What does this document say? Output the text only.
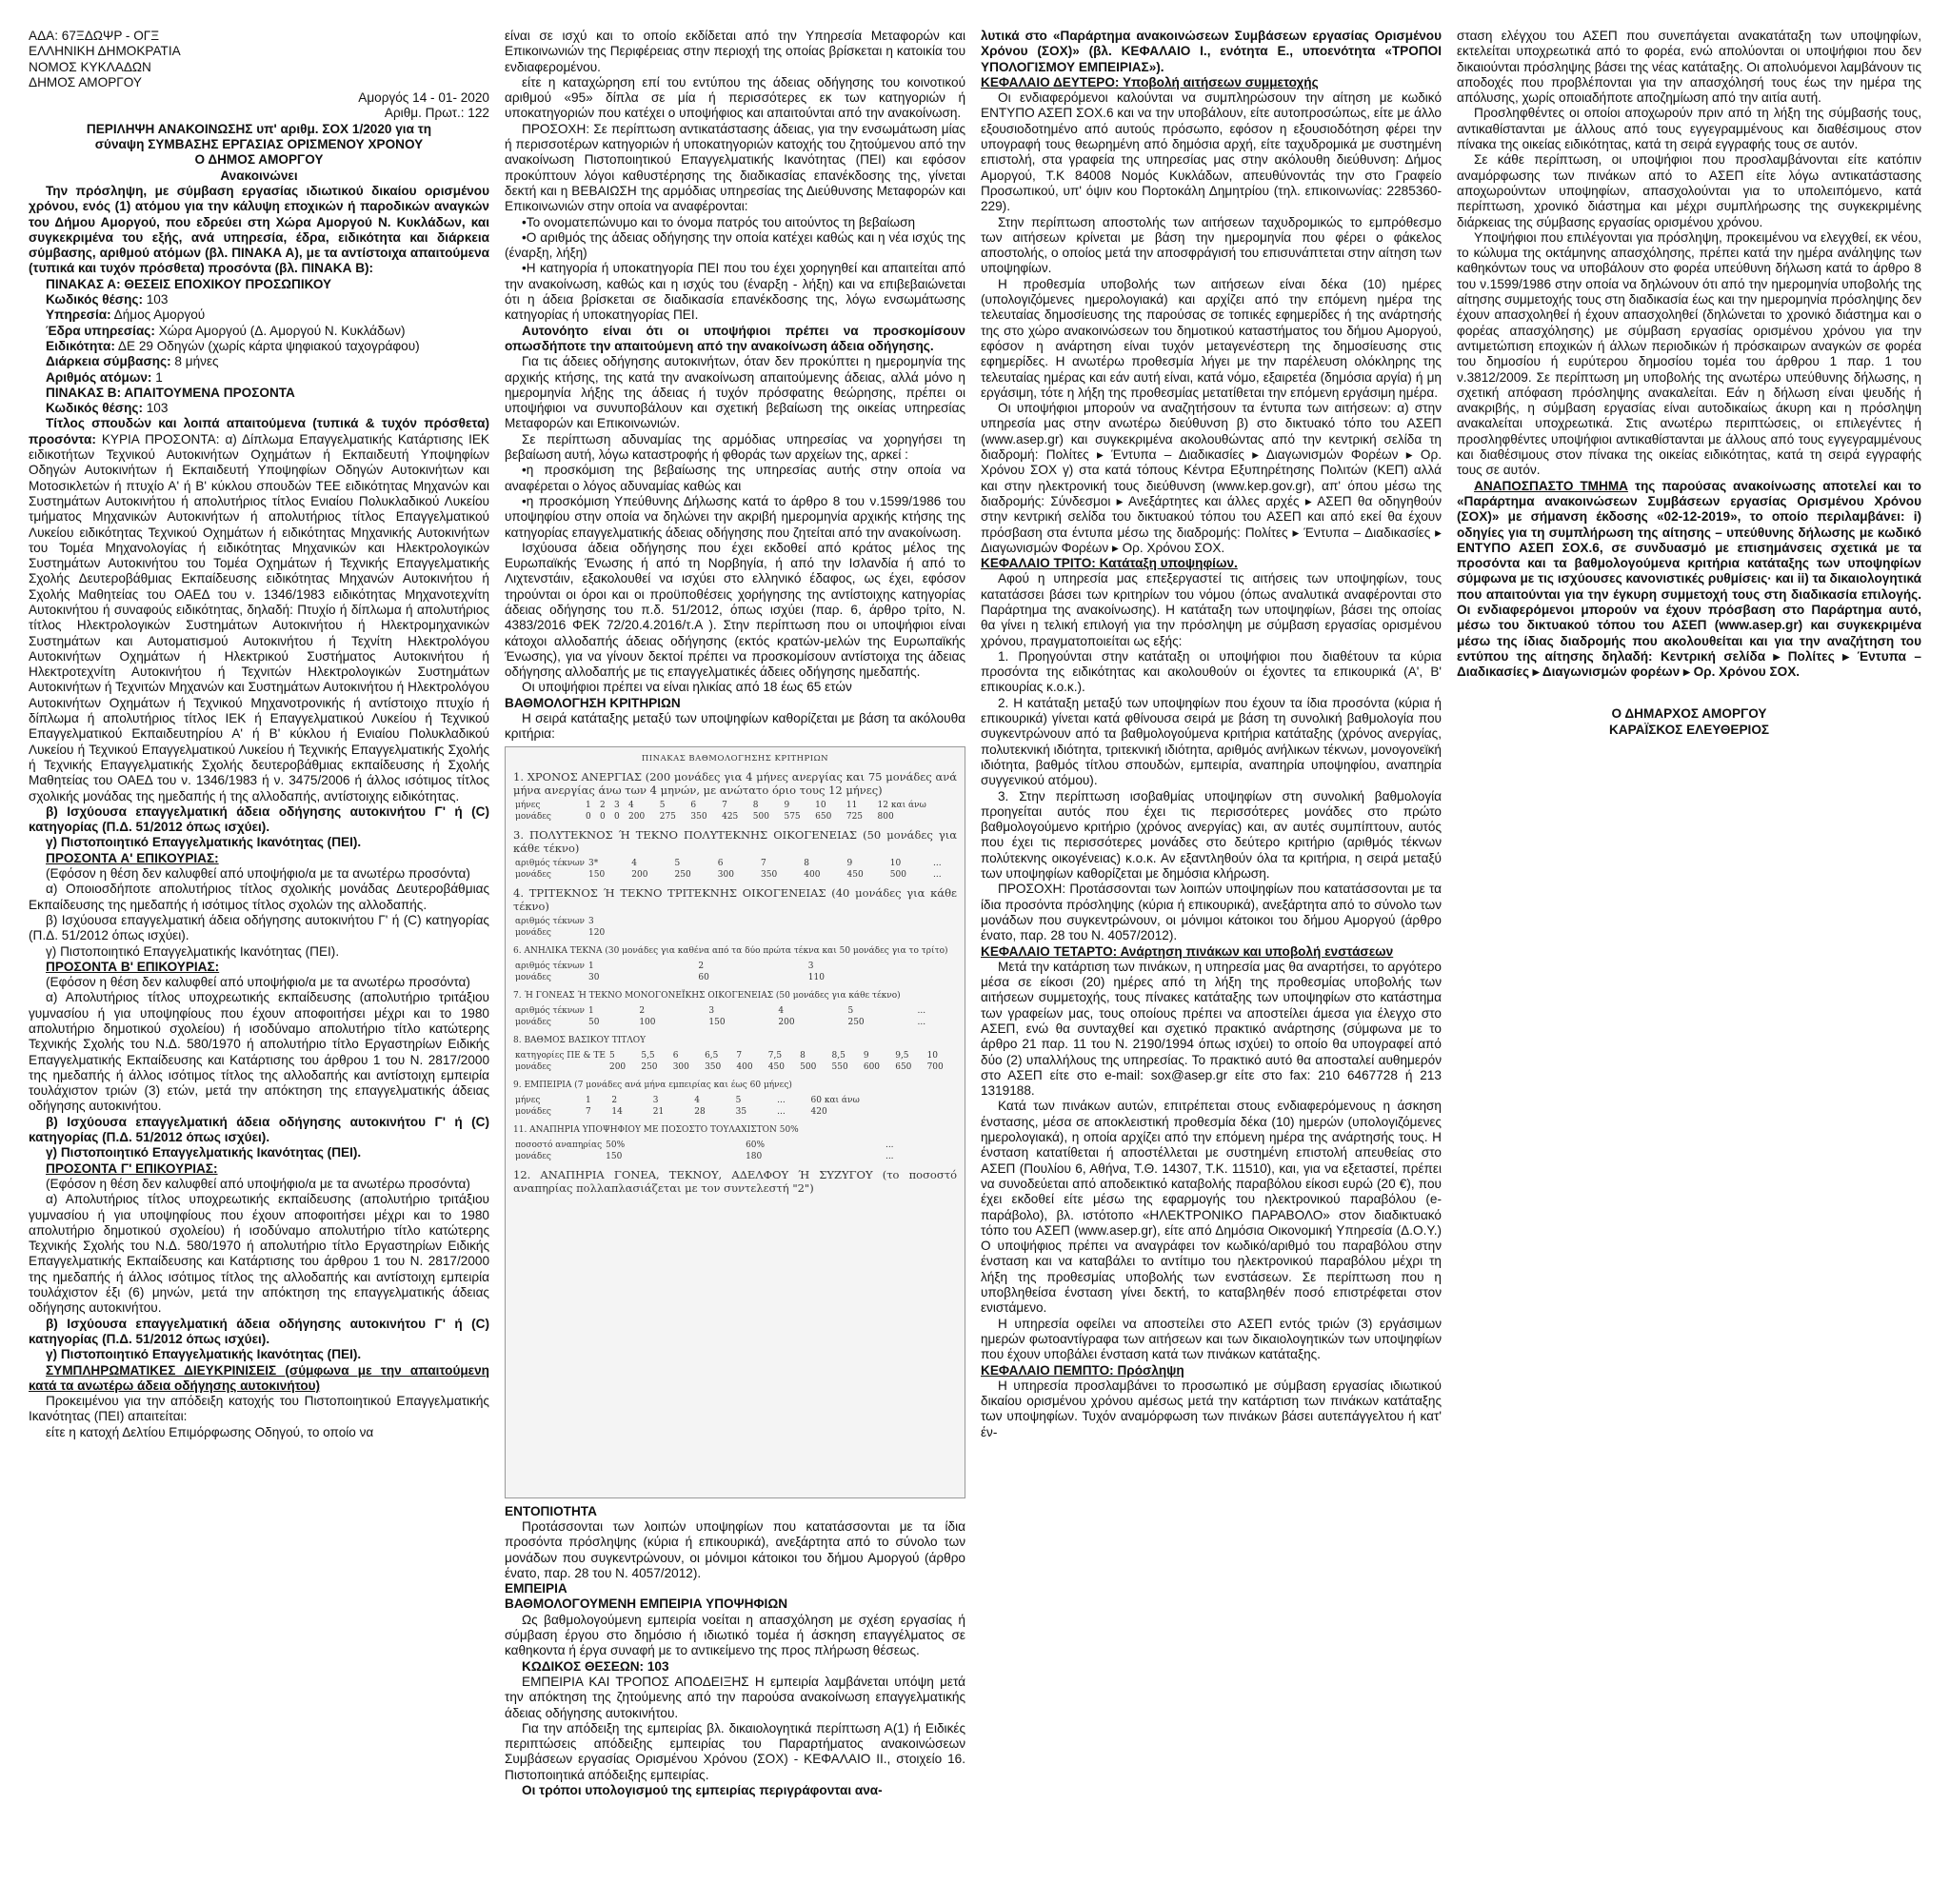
ΑΔΑ: 67ΞΔΩΨΡ - ΟΓΞ

ΕΛΛΗΝΙΚΗ ΔΗΜΟΚΡΑΤΙΑ

ΝΟΜΟΣ ΚΥΚΛΑΔΩΝ

ΔΗΜΟΣ ΑΜΟΡΓΟΥ

Αμοργός 14 - 01- 2020

Αριθμ. Πρωτ.: 122

ΠΕΡΙΛΗΨΗ ΑΝΑΚΟΙΝΩΣΗΣ υπ' αριθμ. ΣΟΧ 1/2020 για τη

σύναψη ΣΥΜΒΑΣΗΣ ΕΡΓΑΣΙΑΣ ΟΡΙΣΜΕΝΟΥ ΧΡΟΝΟΥ

Ο ΔΗΜΟΣ ΑΜΟΡΓΟΥ

Ανακοινώνει

Την πρόσληψη, με σύμβαση εργασίας ιδιωτικού δικαίου ορισμένου χρόνου, ενός (1) ατόμου για την κάλυψη εποχικών ή παροδικών αναγκών του Δήμου Αμοργού, που εδρεύει στη Χώρα Αμοργού Ν. Κυκλάδων, και συγκεκριμένα του εξής, ανά υπηρεσία, έδρα, ειδικότητα και διάρκεια σύμβασης, αριθμού ατόμων (βλ. ΠΙΝΑΚΑ Α), με τα αντίστοιχα απαιτούμενα (τυπικά και τυχόν πρόσθετα) προσόντα (βλ. ΠΙΝΑΚΑ Β):

ΠΙΝΑΚΑΣ Α: ΘΕΣΕΙΣ ΕΠΟΧΙΚΟΥ ΠΡΟΣΩΠΙΚΟΥ

Κωδικός θέσης: 103

Υπηρεσία: Δήμος Αμοργού

Έδρα υπηρεσίας: Χώρα Αμοργού (Δ. Αμοργού Ν. Κυκλάδων)

Ειδικότητα: ΔΕ 29 Οδηγών (χωρίς κάρτα ψηφιακού ταχογράφου)

Διάρκεια σύμβασης: 8 μήνες

Αριθμός ατόμων: 1

ΠΙΝΑΚΑΣ Β: ΑΠΑΙΤΟΥΜΕΝΑ ΠΡΟΣΟΝΤΑ

Κωδικός θέσης: 103

Τίτλος σπουδών και λοιπά απαιτούμενα (τυπικά & τυχόν πρόσθετα) προσόντα: ΚΥΡΙΑ ΠΡΟΣΟΝΤΑ: α) Δίπλωμα Επαγγελματικής Κατάρτισης ΙΕΚ ειδικοτήτων Τεχνικού Αυτοκινήτων Οχημάτων ή Εκπαιδευτή Υποψηφίων Οδηγών Αυτοκινήτων ή Εκπαιδευτή Υποψηφίων Οδηγών Αυτοκινήτων και Μοτοσικλετών ή πτυχίο Α' ή Β' κύκλου σπουδών ΤΕΕ ειδικότητας Μηχανών και Συστημάτων Αυτοκινήτου ή απολυτήριος τίτλος Ενιαίου Πολυκλαδικού Λυκείου τμήματος Μηχανικών Αυτοκινήτων ή απολυτήριος τίτλος Επαγγελματικού Λυκείου ειδικότητας Τεχνικού Οχημάτων ή ειδικότητας Μηχανικής Αυτοκινήτων του Τομέα Μηχανολογίας ή ειδικότητας Μηχανικών και Ηλεκτρολογικών Συστημάτων Αυτοκινήτου του Τομέα Οχημάτων ή Τεχνικής Επαγγελματικής Σχολής Δευτεροβάθμιας Εκπαίδευσης ειδικότητας Μηχανών Αυτοκινήτου ή Σχολής Μαθητείας του ΟΑΕΔ του ν. 1346/1983 ειδικότητας Μηχανοτεχνίτη Αυτοκινήτου ή συναφούς ειδικότητας, δηλαδή: Πτυχίο ή δίπλωμα ή απολυτήριος τίτλος Ηλεκτρολογικών Συστημάτων Αυτοκινήτου ή Ηλεκτρομηχανικών Συστημάτων και Αυτοματισμού Αυτοκινήτου ή Τεχνίτη Ηλεκτρολόγου Αυτοκινήτων Οχημάτων ή Ηλεκτρικού Συστήματος Αυτοκινήτου ή Ηλεκτροτεχνίτη Αυτοκινήτου ή Τεχνιτών Ηλεκτρολογικών Συστημάτων Αυτοκινήτων ή Τεχνιτών Μηχανών και Συστημάτων Αυτοκινήτου ή Ηλεκτρολόγου Αυτοκινήτων Οχημάτων ή Τεχνικού Μηχανοτρονικής ή αντίστοιχο πτυχίο ή δίπλωμα ή απολυτήριος τίτλος ΙΕΚ ή Επαγγελματικού Λυκείου ή Τεχνικού Επαγγελματικού Εκπαιδευτηρίου Α' ή Β' κύκλου ή Ενιαίου Πολυκλαδικού Λυκείου ή Τεχνικού Επαγγελματικού Λυκείου ή Τεχνικής Επαγγελματικής Σχολής ή Τεχνικής Επαγγελματικής Σχολής δευτεροβάθμιας εκπαίδευσης ή Σχολής Μαθητείας του ΟΑΕΔ του ν. 1346/1983 ή ν. 3475/2006 ή άλλος ισότιμος τίτλος σχολικής μονάδας της ημεδαπής ή της αλλοδαπής, αντίστοιχης ειδικότητας.

β) Ισχύουσα επαγγελματική άδεια οδήγησης αυτοκινήτου Γ' ή (C) κατηγορίας (Π.Δ. 51/2012 όπως ισχύει).

γ) Πιστοποιητικό Επαγγελματικής Ικανότητας (ΠΕΙ).

ΠΡΟΣΟΝΤΑ Α' ΕΠΙΚΟΥΡΙΑΣ:

(Εφόσον η θέση δεν καλυφθεί από υποψήφιο/α με τα ανωτέρω προσόντα)

α) Οποιοσδήποτε απολυτήριος τίτλος σχολικής μονάδας Δευτεροβάθμιας Εκπαίδευσης της ημεδαπής ή ισότιμος τίτλος σχολών της αλλοδαπής.

β) Ισχύουσα επαγγελματική άδεια οδήγησης αυτοκινήτου Γ' ή (C) κατηγορίας (Π.Δ. 51/2012 όπως ισχύει).

γ) Πιστοποιητικό Επαγγελματικής Ικανότητας (ΠΕΙ).

ΠΡΟΣΟΝΤΑ Β' ΕΠΙΚΟΥΡΙΑΣ:

(Εφόσον η θέση δεν καλυφθεί από υποψήφιο/α με τα ανωτέρω προσόντα)

α) Απολυτήριος τίτλος υποχρεωτικής εκπαίδευσης (απολυτήριο τριτάξιου γυμνασίου ή για υποψηφίους που έχουν αποφοιτήσει μέχρι και το 1980 απολυτήριο δημοτικού σχολείου) ή ισοδύναμο απολυτήριο τίτλο κατώτερης Τεχνικής Σχολής του Ν.Δ. 580/1970 ή απολυτήριο τίτλο Εργαστηρίων Ειδικής Επαγγελματικής Εκπαίδευσης και Κατάρτισης του άρθρου 1 του Ν. 2817/2000 της ημεδαπής ή άλλος ισότιμος τίτλος της αλλοδαπής και αντίστοιχη εμπειρία τουλάχιστον τριών (3) ετών, μετά την απόκτηση της επαγγελματικής άδειας οδήγησης αυτοκινήτου.

β) Ισχύουσα επαγγελματική άδεια οδήγησης αυτοκινήτου Γ' ή (C) κατηγορίας (Π.Δ. 51/2012 όπως ισχύει).

γ) Πιστοποιητικό Επαγγελματικής Ικανότητας (ΠΕΙ).

ΠΡΟΣΟΝΤΑ Γ' ΕΠΙΚΟΥΡΙΑΣ:

(Εφόσον η θέση δεν καλυφθεί από υποψήφιο/α με τα ανωτέρω προσόντα)

α) Απολυτήριος τίτλος υποχρεωτικής εκπαίδευσης (απολυτήριο τριτάξιου γυμνασίου ή για υποψηφίους που έχουν αποφοιτήσει μέχρι και το 1980 απολυτήριο δημοτικού σχολείου) ή ισοδύναμο απολυτήριο τίτλο κατώτερης Τεχνικής Σχολής του Ν.Δ. 580/1970 ή απολυτήριο τίτλο Εργαστηρίων Ειδικής Επαγγελματικής Εκπαίδευσης και Κατάρτισης του άρθρου 1 του Ν. 2817/2000 της ημεδαπής ή άλλος ισότιμος τίτλος της αλλοδαπής και αντίστοιχη εμπειρία τουλάχιστον έξι (6) μηνών, μετά την απόκτηση της επαγγελματικής άδειας οδήγησης αυτοκινήτου.

β) Ισχύουσα επαγγελματική άδεια οδήγησης αυτοκινήτου Γ' ή (C) κατηγορίας (Π.Δ. 51/2012 όπως ισχύει).

γ) Πιστοποιητικό Επαγγελματικής Ικανότητας (ΠΕΙ).

ΣΥΜΠΛΗΡΩΜΑΤΙΚΕΣ ΔΙΕΥΚΡΙΝΙΣΕΙΣ (σύμφωνα με την απαιτούμενη κατά τα ανωτέρω άδεια οδήγησης αυτοκινήτου)

Προκειμένου για την απόδειξη κατοχής του Πιστοποιητικού Επαγγελματικής Ικανότητας (ΠΕΙ) απαιτείται:

είτε η κατοχή Δελτίου Επιμόρφωσης Οδηγού, το οποίο να

είναι σε ισχύ και το οποίο εκδίδεται από την Υπηρεσία Μεταφορών και Επικοινωνιών της Περιφέρειας στην περιοχή της οποίας βρίσκεται η κατοικία του ενδιαφερομένου.

είτε η καταχώρηση επί του εντύπου της άδειας οδήγησης του κοινοτικού αριθμού «95» δίπλα σε μία ή περισσότερες εκ των κατηγοριών ή υποκατηγοριών που κατέχει ο υποψήφιος και απαιτούνται από την ανακοίνωση.

ΠΡΟΣΟΧΗ: Σε περίπτωση αντικατάστασης άδειας, για την ενσωμάτωση μίας ή περισσοτέρων κατηγοριών ή υποκατηγοριών κατοχής του ζητούμενου από την ανακοίνωση Πιστοποιητικού Επαγγελματικής Ικανότητας (ΠΕΙ) και εφόσον προκύπτουν λόγοι καθυστέρησης της διαδικασίας επανέκδοσης της, γίνεται δεκτή και η ΒΕΒΑΙΩΣΗ της αρμόδιας υπηρεσίας της Διεύθυνσης Μεταφορών και Επικοινωνιών στην οποία να αναφέρονται:

•Το ονοματεπώνυμο και το όνομα πατρός του αιτούντος τη βεβαίωση

•Ο αριθμός της άδειας οδήγησης την οποία κατέχει καθώς και η νέα ισχύς της (έναρξη, λήξη)

•Η κατηγορία ή υποκατηγορία ΠΕΙ που του έχει χορηγηθεί και απαιτείται από την ανακοίνωση, καθώς και η ισχύς του (έναρξη - λήξη) και να επιβεβαιώνεται ότι η άδεια βρίσκεται σε διαδικασία επανέκδοσης της, λόγω ενσωμάτωσης κατηγορίας ή υποκατηγορίας ΠΕΙ.

Αυτονόητο είναι ότι οι υποψήφιοι πρέπει να προσκομίσουν οπωσδήποτε την απαιτούμενη από την ανακοίνωση άδεια οδήγησης.

Για τις άδειες οδήγησης αυτοκινήτων, όταν δεν προκύπτει η ημερομηνία της αρχικής κτήσης, της κατά την ανακοίνωση απαιτούμενης άδειας, αλλά μόνο η ημερομηνία λήξης της άδειας ή τυχόν πρόσφατης θεώρησης, πρέπει οι υποψήφιοι να συνυποβάλουν και σχετική βεβαίωση της οικείας υπηρεσίας Μεταφορών και Επικοινωνιών.

Σε περίπτωση αδυναμίας της αρμόδιας υπηρεσίας να χορηγήσει τη βεβαίωση αυτή, λόγω καταστροφής ή φθοράς των αρχείων της, αρκεί :

•η προσκόμιση της βεβαίωσης της υπηρεσίας αυτής στην οποία να αναφέρεται ο λόγος αδυναμίας καθώς και

•η προσκόμιση Υπεύθυνης Δήλωσης κατά το άρθρο 8 του ν.1599/1986 του υποψηφίου στην οποία να δηλώνει την ακριβή ημερομηνία αρχικής κτήσης της κατηγορίας επαγγελματικής άδειας οδήγησης που ζητείται από την ανακοίνωση.

Ισχύουσα άδεια οδήγησης που έχει εκδοθεί από κράτος μέλος της Ευρωπαϊκής Ένωσης ή από τη Νορβηγία, ή από την Ισλανδία ή από το Λιχτενστάιν, εξακολουθεί να ισχύει στο ελληνικό έδαφος, ως έχει, εφόσον τηρούνται οι όροι και οι προϋποθέσεις χορήγησης της αντίστοιχης κατηγορίας άδειας οδήγησης του π.δ. 51/2012, όπως ισχύει (παρ. 6, άρθρο τρίτο, Ν. 4383/2016 ΦΕΚ 72/20.4.2016/τ.Α ). Στην περίπτωση που οι υποψήφιοι είναι κάτοχοι αλλοδαπής άδειας οδήγησης (εκτός κρατών-μελών της Ευρωπαϊκής Ένωσης), για να γίνουν δεκτοί πρέπει να προσκομίσουν αντίστοιχα της άδειας οδήγησης αλλοδαπής με τις επαγγελματικές άδειες οδήγησης ημεδαπής.

Οι υποψήφιοι πρέπει να είναι ηλικίας από 18 έως 65 ετών

ΒΑΘΜΟΛΟΓΗΣΗ ΚΡΙΤΗΡΙΩΝ

Η σειρά κατάταξης μεταξύ των υποψηφίων καθορίζεται με βάση τα ακόλουθα κριτήρια:

ΠΙΝΑΚΑΣ ΒΑΘΜΟΛΟΓΗΣΗΣ ΚΡΙΤΗΡΙΩΝ
1. ΧΡΟΝΟΣ ΑΝΕΡΓΙΑΣ (200 μονάδες για 4 μήνες ανεργίας και 75 μονάδες ανά μήνα ανεργίας άνω των 4 μηνών, με ανώτατο όριο τους 12 μήνες)
μήνες	1	2	3	4	5	6	7	8	9	10	11	12 και άνω
μονάδες	0	0	0	200	275	350	425	500	575	650	725	800
3. ΠΟΛΥΤΕΚΝΟΣ Ή ΤΕΚΝΟ ΠΟΛΥΤΕΚΝΗΣ ΟΙΚΟΓΕΝΕΙΑΣ (50 μονάδες για κάθε τέκνο)
αριθμός τέκνων	3*	4	5	6	7	8	9	10	...
μονάδες	150	200	250	300	350	400	450	500	...
4. ΤΡΙΤΕΚΝΟΣ Ή ΤΕΚΝΟ ΤΡΙΤΕΚΝΗΣ ΟΙΚΟΓΕΝΕΙΑΣ (40 μονάδες για κάθε τέκνο)
αριθμός τέκνων	3
μονάδες	120
6. ΑΝΗΛΙΚΑ ΤΕΚΝΑ (30 μονάδες για καθένα από τα δύο πρώτα τέκνα και 50 μονάδες για το τρίτο)
αριθμός τέκνων	1	2	3
μονάδες	30	60	110
7. Ή ΓΟΝΕΑΣ Ή ΤΕΚΝΟ ΜΟΝΟΓΟΝΕΪΚΗΣ ΟΙΚΟΓΕΝΕΙΑΣ (50 μονάδες για κάθε τέκνο)
αριθμός τέκνων	1	2	3	4	5	...
μονάδες	50	100	150	200	250	...
8. ΒΑΘΜΟΣ ΒΑΣΙΚΟΥ ΤΙΤΛΟΥ
κατηγορίες ΠΕ & ΤΕ	5	5,5	6	6,5	7	7,5	8	8,5	9	9,5	10
μονάδες	200	250	300	350	400	450	500	550	600	650	700
9. ΕΜΠΕΙΡΙΑ (7 μονάδες ανά μήνα εμπειρίας και έως 60 μήνες)
μήνες	1	2	3	4	5	...	60 και άνω
μονάδες	7	14	21	28	35	...	420
11. ΑΝΑΠΗΡΙΑ ΥΠΟΨΗΦΙΟΥ ΜΕ ΠΟΣΟΣΤΟ ΤΟΥΛΑΧΙΣΤΟΝ 50%
ποσοστό αναπηρίας	50%	60%	...
μονάδες	150	180	...
12. ΑΝΑΠΗΡΙΑ ΓΟΝΕΑ, ΤΕΚΝΟΥ, ΑΔΕΛΦΟΥ Ή ΣΥΖΥΓΟΥ (το ποσοστό αναπηρίας πολλαπλασιάζεται με τον συντελεστή "2")

ΕΝΤΟΠΙΟΤΗΤΑ

Προτάσσονται των λοιπών υποψηφίων που κατατάσσονται με τα ίδια προσόντα πρόσληψης (κύρια ή επικουρικά), ανεξάρτητα από το σύνολο των μονάδων που συγκεντρώνουν, οι μόνιμοι κάτοικοι του δήμου Αμοργού (άρθρο ένατο, παρ. 28 του Ν. 4057/2012).

ΕΜΠΕΙΡΙΑ

ΒΑΘΜΟΛΟΓΟΥΜΕΝΗ ΕΜΠΕΙΡΙΑ ΥΠΟΨΗΦΙΩΝ

Ως βαθμολογούμενη εμπειρία νοείται η απασχόληση με σχέση εργασίας ή σύμβαση έργου στο δημόσιο ή ιδιωτικό τομέα ή άσκηση επαγγέλματος σε καθηκοντα ή έργα συναφή με το αντικείμενο της προς πλήρωση θέσεως.

ΚΩΔΙΚΟΣ ΘΕΣΕΩΝ: 103

ΕΜΠΕΙΡΙΑ ΚΑΙ ΤΡΟΠΟΣ ΑΠΟΔΕΙΞΗΣ Η εμπειρία λαμβάνεται υπόψη μετά την απόκτηση της ζητούμενης από την παρούσα ανακοίνωση επαγγελματικής άδειας οδήγησης αυτοκινήτου.

Για την απόδειξη της εμπειρίας βλ. δικαιολογητικά περίπτωση Α(1) ή Ειδικές περιπτώσεις απόδειξης εμπειρίας του Παραρτήματος ανακοινώσεων Συμβάσεων εργασίας Ορισμένου Χρόνου (ΣΟΧ) - ΚΕΦΑΛΑΙΟ ΙΙ., στοιχείο 16. Πιστοποιητικά απόδειξης εμπειρίας.

Οι τρόποι υπολογισμού της εμπειρίας περιγράφονται ανα-

λυτικά στο «Παράρτημα ανακοινώσεων Συμβάσεων εργασίας Ορισμένου Χρόνου (ΣΟΧ)» (βλ. ΚΕΦΑΛΑΙΟ Ι., ενότητα Ε., υποενότητα «ΤΡΟΠΟΙ ΥΠΟΛΟΓΙΣΜΟΥ ΕΜΠΕΙΡΙΑΣ»).

ΚΕΦΑΛΑΙΟ ΔΕΥΤΕΡΟ: Υποβολή αιτήσεων συμμετοχής

Οι ενδιαφερόμενοι καλούνται να συμπληρώσουν την αίτηση με κωδικό ΕΝΤΥΠΟ ΑΣΕΠ ΣΟΧ.6 και να την υποβάλουν, είτε αυτοπροσώπως, είτε με άλλο εξουσιοδοτημένο από αυτούς πρόσωπο, εφόσον η εξουσιοδότηση φέρει την υπογραφή τους θεωρημένη από δημόσια αρχή, είτε ταχυδρομικά με συστημένη επιστολή, στα γραφεία της υπηρεσίας μας στην ακόλουθη διεύθυνση: Δήμος Αμοργού, Τ.Κ 84008 Νομός Κυκλάδων, απευθύνοντάς την στο Γραφείο Προσωπικού, υπ' όψιν κου Πορτοκάλη Δημητρίου (τηλ. επικοινωνίας: 2285360-229).

Στην περίπτωση αποστολής των αιτήσεων ταχυδρομικώς το εμπρόθεσμο των αιτήσεων κρίνεται με βάση την ημερομηνία που φέρει ο φάκελος αποστολής, ο οποίος μετά την αποσφράγισή του επισυνάπτεται στην αίτηση των υποψηφίων.

Η προθεσμία υποβολής των αιτήσεων είναι δέκα (10) ημέρες (υπολογιζόμενες ημερολογιακά) και αρχίζει από την επόμενη ημέρα της τελευταίας δημοσίευσης της παρούσας σε τοπικές εφημερίδες ή της ανάρτησής της στο χώρο ανακοινώσεων του δημοτικού καταστήματος του δήμου Αμοργού, εφόσον η ανάρτηση είναι τυχόν μεταγενέστερη της δημοσίευσης στις εφημερίδες. Η ανωτέρω προθεσμία λήγει με την παρέλευση ολόκληρης της τελευταίας ημέρας και εάν αυτή είναι, κατά νόμο, εξαιρετέα (δημόσια αργία) ή μη εργάσιμη, τότε η λήξη της προθεσμίας μετατίθεται την επόμενη εργάσιμη ημέρα.

Οι υποψήφιοι μπορούν να αναζητήσουν τα έντυπα των αιτήσεων: α) στην υπηρεσία μας στην ανωτέρω διεύθυνση β) στο δικτυακό τόπο του ΑΣΕΠ (www.asep.gr) και συγκεκριμένα ακολουθώντας από την κεντρική σελίδα τη διαδρομή: Πολίτες ▸ Έντυπα – Διαδικασίες ▸ Διαγωνισμών Φορέων ▸ Ορ. Χρόνου ΣΟΧ γ) στα κατά τόπους Κέντρα Εξυπηρέτησης Πολιτών (ΚΕΠ) αλλά και στην ηλεκτρονική τους διεύθυνση (www.kep.gov.gr), απ' όπου μέσω της διαδρομής: Σύνδεσμοι ▸ Ανεξάρτητες και άλλες αρχές ▸ ΑΣΕΠ θα οδηγηθούν στην κεντρική σελίδα του δικτυακού τόπου του ΑΣΕΠ και από εκεί θα έχουν πρόσβαση στα έντυπα μέσω της διαδρομής: Πολίτες ▸ Έντυπα – Διαδικασίες ▸ Διαγωνισμών Φορέων ▸ Ορ. Χρόνου ΣΟΧ.

ΚΕΦΑΛΑΙΟ ΤΡΙΤΟ: Κατάταξη υποψηφίων.

Αφού η υπηρεσία μας επεξεργαστεί τις αιτήσεις των υποψηφίων, τους κατατάσσει βάσει των κριτηρίων του νόμου (όπως αναλυτικά αναφέρονται στο Παράρτημα της ανακοίνωσης). Η κατάταξη των υποψηφίων, βάσει της οποίας θα γίνει η τελική επιλογή για την πρόσληψη με σύμβαση εργασίας ορισμένου χρόνου, πραγματοποιείται ως εξής:

1. Προηγούνται στην κατάταξη οι υποψήφιοι που διαθέτουν τα κύρια προσόντα της ειδικότητας και ακολουθούν οι έχοντες τα επικουρικά (Α', Β' επικουρίας κ.ο.κ.).

2. Η κατάταξη μεταξύ των υποψηφίων που έχουν τα ίδια προσόντα (κύρια ή επικουρικά) γίνεται κατά φθίνουσα σειρά με βάση τη συνολική βαθμολογία που συγκεντρώνουν από τα βαθμολογούμενα κριτήρια κατάταξης (χρόνος ανεργίας, πολυτεκνική ιδιότητα, τριτεκνική ιδιότητα, αριθμός ανήλικων τέκνων, μονογονεϊκή ιδιότητα, βαθμός τίτλου σπουδών, εμπειρία, αναπηρία υποψηφίου, αναπηρία συγγενικού ατόμου).

3. Στην περίπτωση ισοβαθμίας υποψηφίων στη συνολική βαθμολογία προηγείται αυτός που έχει τις περισσότερες μονάδες στο πρώτο βαθμολογούμενο κριτήριο (χρόνος ανεργίας) και, αν αυτές συμπίπτουν, αυτός που έχει τις περισσότερες μονάδες στο δεύτερο κριτήριο (αριθμός τέκνων πολύτεκνης οικογένειας) κ.ο.κ. Αν εξαντληθούν όλα τα κριτήρια, η σειρά μεταξύ των υποψηφίων καθορίζεται με δημόσια κλήρωση.

ΠΡΟΣΟΧΗ: Προτάσσονται των λοιπών υποψηφίων που κατατάσσονται με τα ίδια προσόντα πρόσληψης (κύρια ή επικουρικά), ανεξάρτητα από το σύνολο των μονάδων που συγκεντρώνουν, οι μόνιμοι κάτοικοι του δήμου Αμοργού (άρθρο ένατο, παρ. 28 του Ν. 4057/2012).

ΚΕΦΑΛΑΙΟ ΤΕΤΑΡΤΟ: Ανάρτηση πινάκων και υποβολή ενστάσεων

Μετά την κατάρτιση των πινάκων, η υπηρεσία μας θα αναρτήσει, το αργότερο μέσα σε είκοσι (20) ημέρες από τη λήξη της προθεσμίας υποβολής των αιτήσεων συμμετοχής, τους πίνακες κατάταξης των υποψηφίων στο κατάστημα των γραφείων μας, τους οποίους πρέπει να αποστείλει άμεσα για έλεγχο στο ΑΣΕΠ, ενώ θα συνταχθεί και σχετικό πρακτικό ανάρτησης (σύμφωνα με το άρθρο 21 παρ. 11 του Ν. 2190/1994 όπως ισχύει) το οποίο θα υπογραφεί από δύο (2) υπαλλήλους της υπηρεσίας. Το πρακτικό αυτό θα αποσταλεί αυθημερόν στο ΑΣΕΠ είτε στο e-mail: sox@asep.gr είτε στο fax: 210 6467728 ή 213 1319188.

Κατά των πινάκων αυτών, επιτρέπεται στους ενδιαφερόμενους η άσκηση ένστασης, μέσα σε αποκλειστική προθεσμία δέκα (10) ημερών (υπολογιζόμενες ημερολογιακά), η οποία αρχίζει από την επόμενη ημέρα της ανάρτησής τους. Η ένσταση κατατίθεται ή αποστέλλεται με συστημένη επιστολή απευθείας στο ΑΣΕΠ (Πουλίου 6, Αθήνα, Τ.Θ. 14307, Τ.Κ. 11510), και, για να εξεταστεί, πρέπει να συνοδεύεται από αποδεικτικό καταβολής παραβόλου είκοσι ευρώ (20 €), που έχει εκδοθεί είτε μέσω της εφαρμογής του ηλεκτρονικού παραβόλου (e-παράβολο), βλ. ιστότοπο «ΗΛΕΚΤΡΟΝΙΚΟ ΠΑΡΑΒΟΛΟ» στον διαδικτυακό τόπο του ΑΣΕΠ (www.asep.gr), είτε από Δημόσια Οικονομική Υπηρεσία (Δ.Ο.Υ.) Ο υποψήφιος πρέπει να αναγράφει τον κωδικό/αριθμό του παραβόλου στην ένσταση και να καταβάλει το αντίτιμο του ηλεκτρονικού παραβόλου μέχρι τη λήξη της προθεσμίας υποβολής των ενστάσεων. Σε περίπτωση που η υποβληθείσα ένσταση γίνει δεκτή, το καταβληθέν ποσό επιστρέφεται στον ενιστάμενο.

Η υπηρεσία οφείλει να αποστείλει στο ΑΣΕΠ εντός τριών (3) εργάσιμων ημερών φωτοαντίγραφα των αιτήσεων και των δικαιολογητικών των υποψηφίων που έχουν υποβάλει ένσταση κατά των πινάκων κατάταξης.

ΚΕΦΑΛΑΙΟ ΠΕΜΠΤΟ: Πρόσληψη

Η υπηρεσία προσλαμβάνει το προσωπικό με σύμβαση εργασίας ιδιωτικού δικαίου ορισμένου χρόνου αμέσως μετά την κατάρτιση των πινάκων κατάταξης των υποψηφίων. Τυχόν αναμόρφωση των πινάκων βάσει αυτεπάγγελτου ή κατ' έν-

σταση ελέγχου του ΑΣΕΠ που συνεπάγεται ανακατάταξη των υποψηφίων, εκτελείται υποχρεωτικά από το φορέα, ενώ απολύονται οι υποψήφιοι που δεν δικαιούνται πρόσληψης βάσει της νέας κατάταξης. Οι απολυόμενοι λαμβάνουν τις αποδοχές που προβλέπονται για την απασχόλησή τους έως την ημέρα της απόλυσης, χωρίς οποιαδήποτε αποζημίωση από την αιτία αυτή.

Προσληφθέντες οι οποίοι αποχωρούν πριν από τη λήξη της σύμβασής τους, αντικαθίστανται με άλλους από τους εγγεγραμμένους και διαθέσιμους στον πίνακα της οικείας ειδικότητας, κατά τη σειρά εγγραφής τους σε αυτόν.

Σε κάθε περίπτωση, οι υποψήφιοι που προσλαμβάνονται είτε κατόπιν αναμόρφωσης των πινάκων από το ΑΣΕΠ είτε λόγω αντικατάστασης αποχωρούντων υποψηφίων, απασχολούνται για το υπολειπόμενο, κατά περίπτωση, χρονικό διάστημα και μέχρι συμπλήρωσης της συγκεκριμένης διάρκειας της σύμβασης εργασίας ορισμένου χρόνου.

Υποψήφιοι που επιλέγονται για πρόσληψη, προκειμένου να ελεγχθεί, εκ νέου, το κώλυμα της οκτάμηνης απασχόλησης, πρέπει κατά την ημέρα ανάληψης των καθηκόντων τους να υποβάλουν στο φορέα υπεύθυνη δήλωση κατά το άρθρο 8 του ν.1599/1986 στην οποία να δηλώνουν ότι από την ημερομηνία υποβολής της αίτησης συμμετοχής τους στη διαδικασία έως και την ημερομηνία πρόσληψης δεν έχουν απασχοληθεί ή έχουν απασχοληθεί (δηλώνεται το χρονικό διάστημα και ο φορέας απασχόλησης) με σύμβαση εργασίας ορισμένου χρόνου για την αντιμετώπιση εποχικών ή άλλων περιοδικών ή πρόσκαιρων αναγκών σε φορέα του δημοσίου ή ευρύτερου δημοσίου τομέα του άρθρου 1 παρ. 1 του ν.3812/2009. Σε περίπτωση μη υποβολής της ανωτέρω υπεύθυνης δήλωσης, η σχετική απόφαση πρόσληψης ανακαλείται. Εάν η δήλωση είναι ψευδής ή ανακριβής, η σύμβαση εργασίας είναι αυτοδικαίως άκυρη και η πρόσληψη ανακαλείται υποχρεωτικά. Στις ανωτέρω περιπτώσεις, οι επιλεγέντες ή προσληφθέντες υποψήφιοι αντικαθίστανται με άλλους από τους εγγεγραμμένους και διαθέσιμους στον πίνακα της οικείας ειδικότητας, κατά τη σειρά εγγραφής τους σε αυτόν.

ΑΝΑΠΟΣΠΑΣΤΟ ΤΜΗΜΑ της παρούσας ανακοίνωσης αποτελεί και το «Παράρτημα ανακοινώσεων Συμβάσεων εργασίας Ορισμένου Χρόνου (ΣΟΧ)» με σήμανση έκδοσης «02-12-2019», το οποίο περιλαμβάνει: i) οδηγίες για τη συμπλήρωση της αίτησης – υπεύθυνης δήλωσης με κωδικό ΕΝΤΥΠΟ ΑΣΕΠ ΣΟΧ.6, σε συνδυασμό με επισημάνσεις σχετικά με τα προσόντα και τα βαθμολογούμενα κριτήρια κατάταξης των υποψηφίων σύμφωνα με τις ισχύουσες κανονιστικές ρυθμίσεις· και ii) τα δικαιολογητικά που απαιτούνται για την έγκυρη συμμετοχή τους στη διαδικασία επιλογής. Οι ενδιαφερόμενοι μπορούν να έχουν πρόσβαση στο Παράρτημα αυτό, μέσω του δικτυακού τόπου του ΑΣΕΠ (www.asep.gr) και συγκεκριμένα μέσω της ίδιας διαδρομής που ακολουθείται και για την αναζήτηση του εντύπου της αίτησης δηλαδή: Κεντρική σελίδα ▸ Πολίτες ▸ Έντυπα – Διαδικασίες ▸ Διαγωνισμών φορέων ▸ Ορ. Χρόνου ΣΟΧ.

Ο ΔΗΜΑΡΧΟΣ ΑΜΟΡΓΟΥ

ΚΑΡΑΪΣΚΟΣ ΕΛΕΥΘΕΡΙΟΣ
